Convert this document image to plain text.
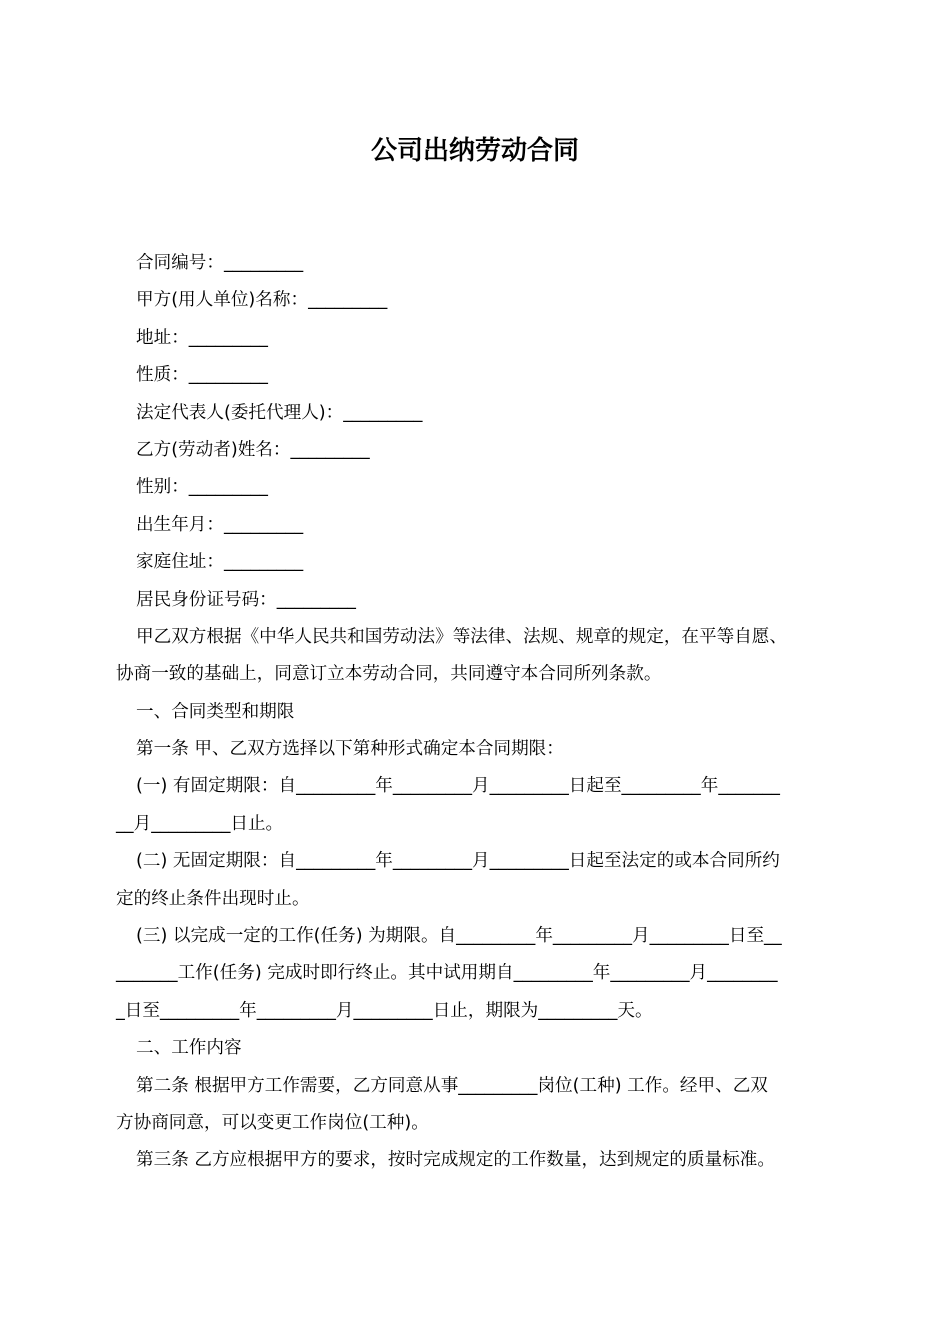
公司出纳劳动合同

合同编号：_________

甲方(用人单位)名称：_________

地址：_________

性质：_________

法定代表人(委托代理人)：_________

乙方(劳动者)姓名：_________

性别：_________

出生年月：_________

家庭住址：_________

居民身份证号码：_________

甲乙双方根据《中华人民共和国劳动法》等法律、法规、规章的规定，在平等自愿、

协商一致的基础上，同意订立本劳动合同，共同遵守本合同所列条款。

一、合同类型和期限

第一条 甲、乙双方选择以下第种形式确定本合同期限：

(一) 有固定期限：自_________年_________月_________日起至_________年_______

__月_________日止。

(二) 无固定期限：自_________年_________月_________日起至法定的或本合同所约

定的终止条件出现时止。

(三) 以完成一定的工作(任务) 为期限。自_________年_________月_________日至__

_______工作(任务) 完成时即行终止。其中试用期自_________年_________月________

_日至_________年_________月_________日止，期限为_________天。

二、工作内容

第二条 根据甲方工作需要，乙方同意从事_________岗位(工种) 工作。经甲、乙双

方协商同意，可以变更工作岗位(工种)。

第三条 乙方应根据甲方的要求，按时完成规定的工作数量，达到规定的质量标准。
